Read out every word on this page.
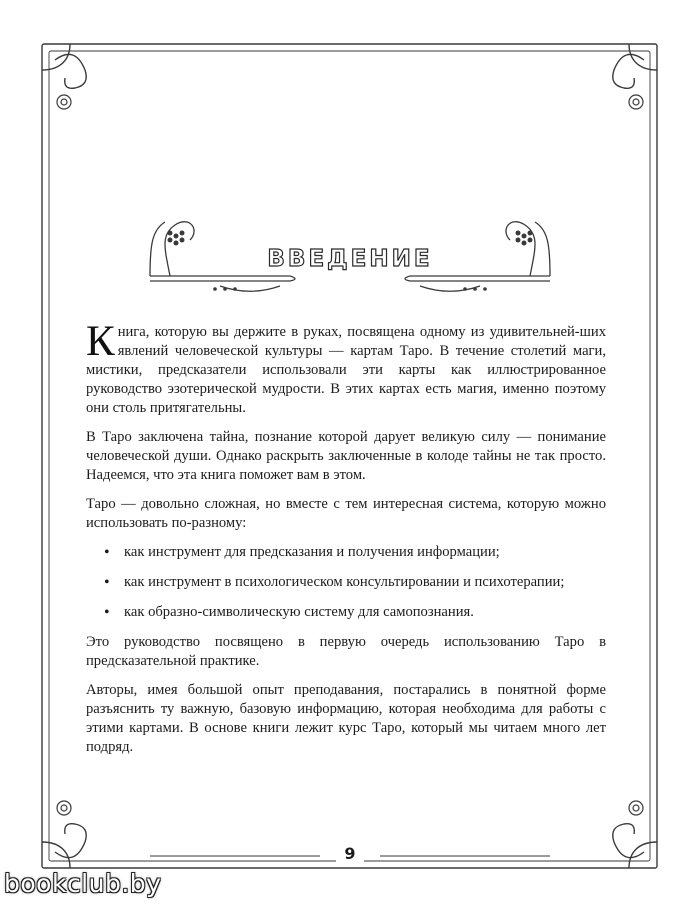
ВВЕДЕНИЕ

Книга, которую вы держите в руках, посвящена одному из удивительней-ших явлений человеческой культуры — картам Таро. В течение столетий маги, мистики, предсказатели использовали эти карты как иллюстрированное руководство эзотерической мудрости. В этих картах есть магия, именно поэтому они столь притягательны.

В Таро заключена тайна, познание которой дарует великую силу — понимание человеческой души. Однако раскрыть заключенные в колоде тайны не так просто. Надеемся, что эта книга поможет вам в этом.

Таро — довольно сложная, но вместе с тем интересная система, которую можно использовать по-разному:

• как инструмент для предсказания и получения информации;
• как инструмент в психологическом консультировании и психотерапии;
• как образно-символическую систему для самопознания.

Это руководство посвящено в первую очередь использованию Таро в предсказательной практике.

Авторы, имея большой опыт преподавания, постарались в понятной форме разъяснить ту важную, базовую информацию, которая необходима для работы с этими картами. В основе книги лежит курс Таро, который мы читаем много лет подряд.

9
bookclub.by
